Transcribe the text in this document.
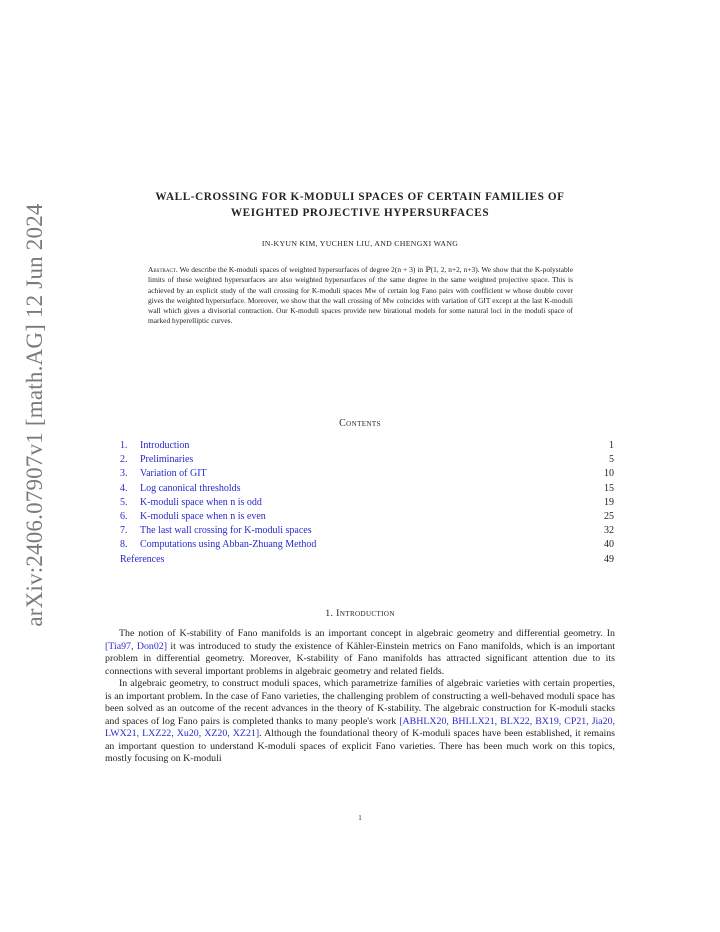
arXiv:2406.07907v1 [math.AG] 12 Jun 2024
WALL-CROSSING FOR K-MODULI SPACES OF CERTAIN FAMILIES OF
WEIGHTED PROJECTIVE HYPERSURFACES
IN-KYUN KIM, YUCHEN LIU, AND CHENGXI WANG
Abstract. We describe the K-moduli spaces of weighted hypersurfaces of degree 2(n + 3) in ℙ(1, 2, n+2, n+3). We show that the K-polystable limits of these weighted hypersurfaces are also weighted hypersurfaces of the same degree in the same weighted projective space. This is achieved by an explicit study of the wall crossing for K-moduli spaces Mw of certain log Fano pairs with coefficient w whose double cover gives the weighted hypersurface. Moreover, we show that the wall crossing of Mw coincides with variation of GIT except at the last K-moduli wall which gives a divisorial contraction. Our K-moduli spaces provide new birational models for some natural loci in the moduli space of marked hyperelliptic curves.
Contents
1. Introduction	1
2. Preliminaries	5
3. Variation of GIT	10
4. Log canonical thresholds	15
5. K-moduli space when n is odd	19
6. K-moduli space when n is even	25
7. The last wall crossing for K-moduli spaces	32
8. Computations using Abban-Zhuang Method	40
References	49
1. Introduction

The notion of K-stability of Fano manifolds is an important concept in algebraic geometry and differential geometry. In [Tia97, Don02] it was introduced to study the existence of Kähler-Einstein metrics on Fano manifolds, which is an important problem in differential geometry. Moreover, K-stability of Fano manifolds has attracted significant attention due to its connections with several important problems in algebraic geometry and related fields.

In algebraic geometry, to construct moduli spaces, which parametrize families of algebraic varieties with certain properties, is an important problem. In the case of Fano varieties, the challenging problem of constructing a well-behaved moduli space has been solved as an outcome of the recent advances in the theory of K-stability. The algebraic construction for K-moduli stacks and spaces of log Fano pairs is completed thanks to many people's work [ABHLX20, BHLLX21, BLX22, BX19, CP21, Jia20, LWX21, LXZ22, Xu20, XZ20, XZ21]. Although the foundational theory of K-moduli spaces have been established, it remains an important question to understand K-moduli spaces of explicit Fano varieties. There has been much work on this topics, mostly focusing on K-moduli

1
